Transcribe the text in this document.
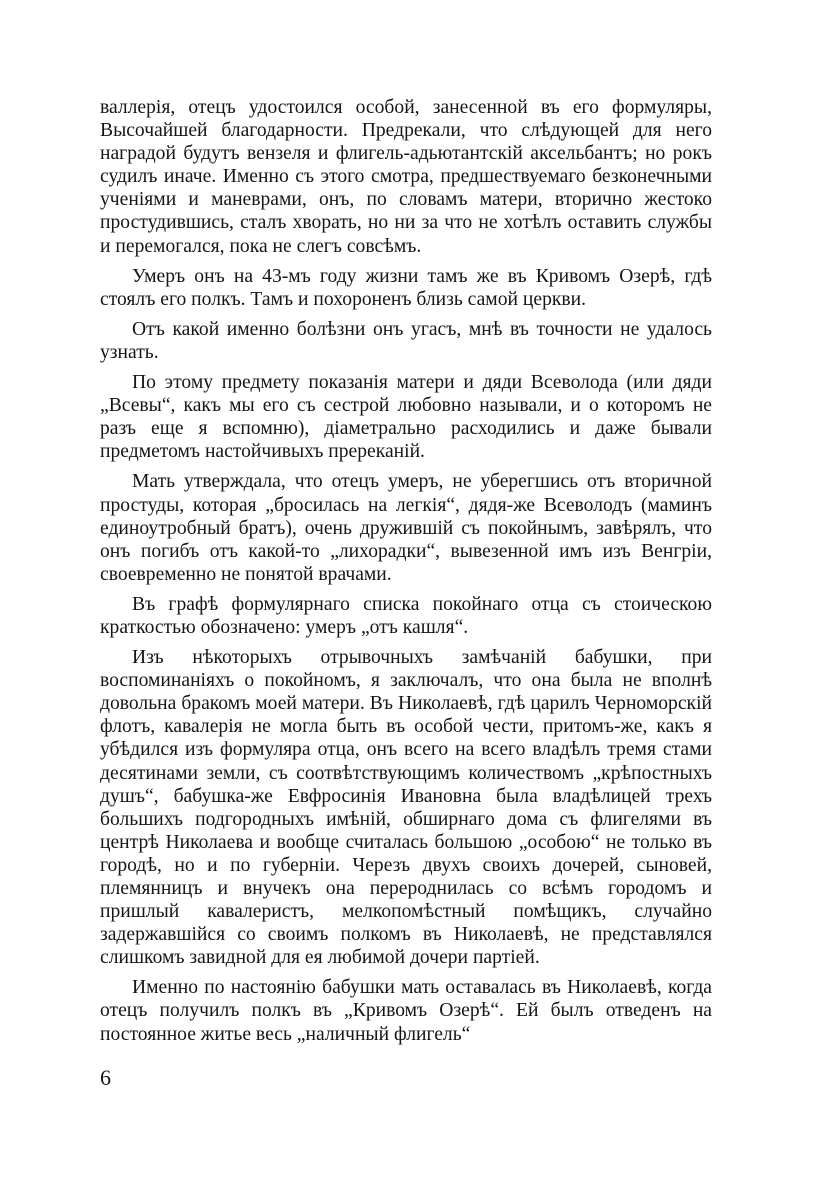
валлерія, отецъ удостоился особой, занесенной въ его формуляры, Высочайшей благодарности. Предрекали, что слѣдующей для него наградой будутъ вензеля и флигель-адьютантскій аксельбантъ; но рокъ судилъ иначе. Именно съ этого смотра, предшествуемаго безконечными ученіями и маневрами, онъ, по словамъ матери, вторично жестоко простудившись, сталъ хворать, но ни за что не хотѣлъ оставить службы и перемогался, пока не слегъ совсѣмъ.

Умеръ онъ на 43-мъ году жизни тамъ же въ Кривомъ Озерѣ, гдѣ стоялъ его полкъ. Тамъ и похороненъ близь самой церкви.

Отъ какой именно болѣзни онъ угасъ, мнѣ въ точности не удалось узнать.

По этому предмету показанія матери и дяди Всеволода (или дяди „Всевы“, какъ мы его съ сестрой любовно называли, и о которомъ не разъ еще я вспомню), діаметрально расходились и даже бывали предметомъ настойчивыхъ пререканій.

Мать утверждала, что отецъ умеръ, не уберегшись отъ вторичной простуды, которая „бросилась на легкія“, дядя-же Всеволодъ (маминъ единоутробный братъ), очень дружившій съ покойнымъ, завѣрялъ, что онъ погибъ отъ какой-то „лихорадки“, вывезенной имъ изъ Венгріи, своевременно не понятой врачами.

Въ графѣ формулярнаго списка покойнаго отца съ стоическою краткостью обозначено: умеръ „отъ кашля“.

Изъ нѣкоторыхъ отрывочныхъ замѣчаній бабушки, при воспоминаніяхъ о покойномъ, я заключалъ, что она была не вполнѣ довольна бракомъ моей матери. Въ Николаевѣ, гдѣ царилъ Черноморскій флотъ, кавалерія не могла быть въ особой чести, притомъ-же, какъ я убѣдился изъ формуляра отца, онъ всего на всего владѣлъ тремя стами десятинами земли, съ соотвѣтствующимъ количествомъ „крѣпостныхъ душъ“, бабушка-же Евфросинія Ивановна была владѣлицей трехъ большихъ подгородныхъ имѣній, обширнаго дома съ флигелями въ центрѣ Николаева и вообще считалась большою „особою“ не только въ городѣ, но и по губерніи. Черезъ двухъ своихъ дочерей, сыновей, племянницъ и внучекъ она перероднилась со всѣмъ городомъ и пришлый кавалеристъ, мелкопомѣстный помѣщикъ, случайно задержавшійся со своимъ полкомъ въ Николаевѣ, не представлялся слишкомъ завидной для ея любимой дочери партіей.

Именно по настоянію бабушки мать оставалась въ Николаевѣ, когда отецъ получилъ полкъ въ „Кривомъ Озерѣ“. Ей былъ отведенъ на постоянное житье весь „наличный флигель“

6
